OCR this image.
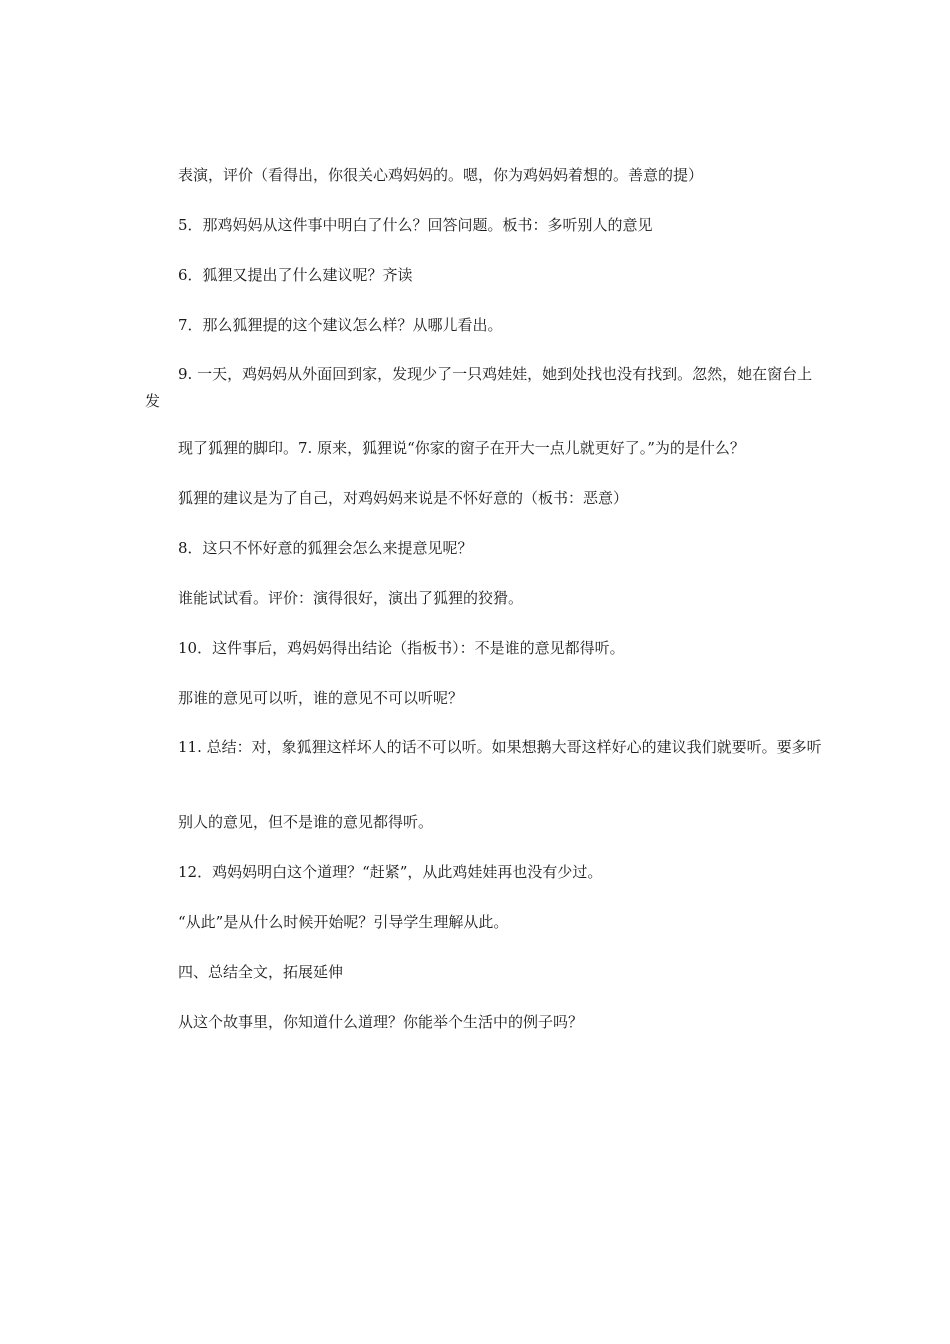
表演，评价（看得出，你很关心鸡妈妈的。嗯，你为鸡妈妈着想的。善意的提）

5．那鸡妈妈从这件事中明白了什么？回答问题。板书：多听别人的意见

6．狐狸又提出了什么建议呢？齐读

7．那么狐狸提的这个建议怎么样？从哪儿看出。

9. 一天，鸡妈妈从外面回到家，发现少了一只鸡娃娃，她到处找也没有找到。忽然，她在窗台上发

现了狐狸的脚印。7. 原来，狐狸说“你家的窗子在开大一点儿就更好了。”为的是什么？

狐狸的建议是为了自己，对鸡妈妈来说是不怀好意的（板书：恶意）

8．这只不怀好意的狐狸会怎么来提意见呢？

谁能试试看。评价：演得很好，演出了狐狸的狡猾。

10．这件事后，鸡妈妈得出结论（指板书）：不是谁的意见都得听。

那谁的意见可以听，谁的意见不可以听呢？

11. 总结：对，象狐狸这样坏人的话不可以听。如果想鹅大哥这样好心的建议我们就要听。要多听

别人的意见，但不是谁的意见都得听。

12．鸡妈妈明白这个道理？“赶紧”，从此鸡娃娃再也没有少过。

“从此”是从什么时候开始呢？引导学生理解从此。

四、总结全文，拓展延伸

从这个故事里，你知道什么道理？你能举个生活中的例子吗？
